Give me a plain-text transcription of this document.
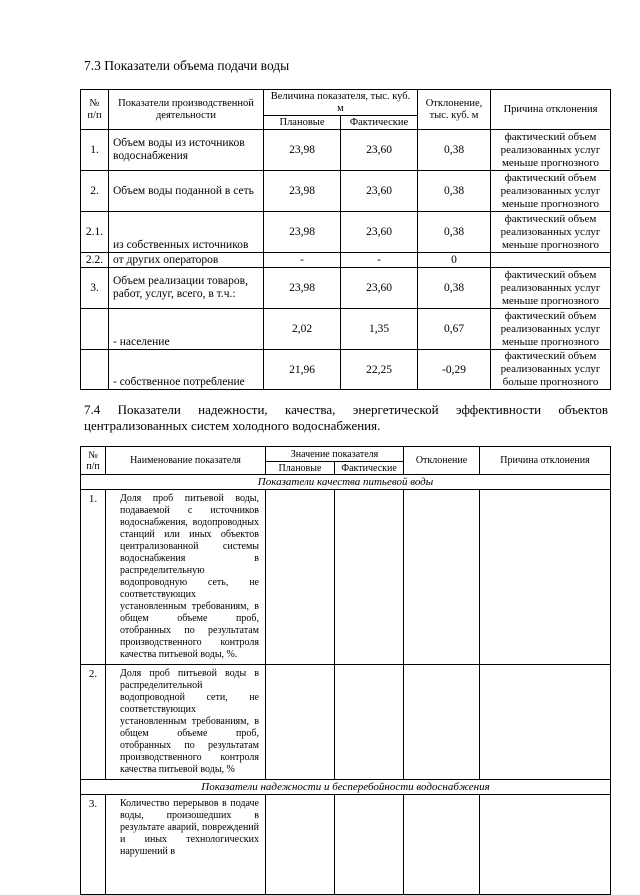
7.3 Показатели объема подачи воды
№ п/п	Показатели производственной деятельности	Величина показателя, тыс. куб. м		Отклонение, тыс. куб. м	Причина отклонения
		Плановые	Фактические		
1.	Объем воды из источников водоснабжения	23,98	23,60	0,38	фактический объем реализованных услуг меньше прогнозного
2.	Объем воды поданной в сеть	23,98	23,60	0,38	фактический объем реализованных услуг меньше прогнозного
2.1.	из собственных источников	23,98	23,60	0,38	фактический объем реализованных услуг меньше прогнозного
2.2.	от других операторов	-	-	0	
3.	Объем реализации товаров, работ, услуг, всего, в т.ч.:	23,98	23,60	0,38	фактический объем реализованных услуг меньше прогнозного
	- население	2,02	1,35	0,67	фактический объем реализованных услуг меньше прогнозного
	- собственное потребление	21,96	22,25	-0,29	фактический объем реализованных услуг больше прогнозного
7.4 Показатели надежности, качества, энергетической эффективности объектов централизованных систем холодного водоснабжения.
№ п/п	Наименование показателя	Значение показателя		Отклонение	Причина отклонения
		Плановые	Фактические		
Показатели качества питьевой воды					
1.	Доля проб питьевой воды, подаваемой с источников водоснабжения, водопроводных станций или иных объектов централизованной системы водоснабжения в распределительную водопроводную сеть, не соответствующих установленным требованиям, в общем объеме проб, отобранных по результатам производственного контроля качества питьевой воды, %.				
2.	Доля проб питьевой воды в распределительной водопроводной сети, не соответствующих установленным требованиям, в общем объеме проб, отобранных по результатам производственного контроля качества питьевой воды, %				
Показатели надежности и бесперебойности водоснабжения					
3.	Количество перерывов в подаче воды, произошедших в результате аварий, повреждений и иных технологических нарушений в				
